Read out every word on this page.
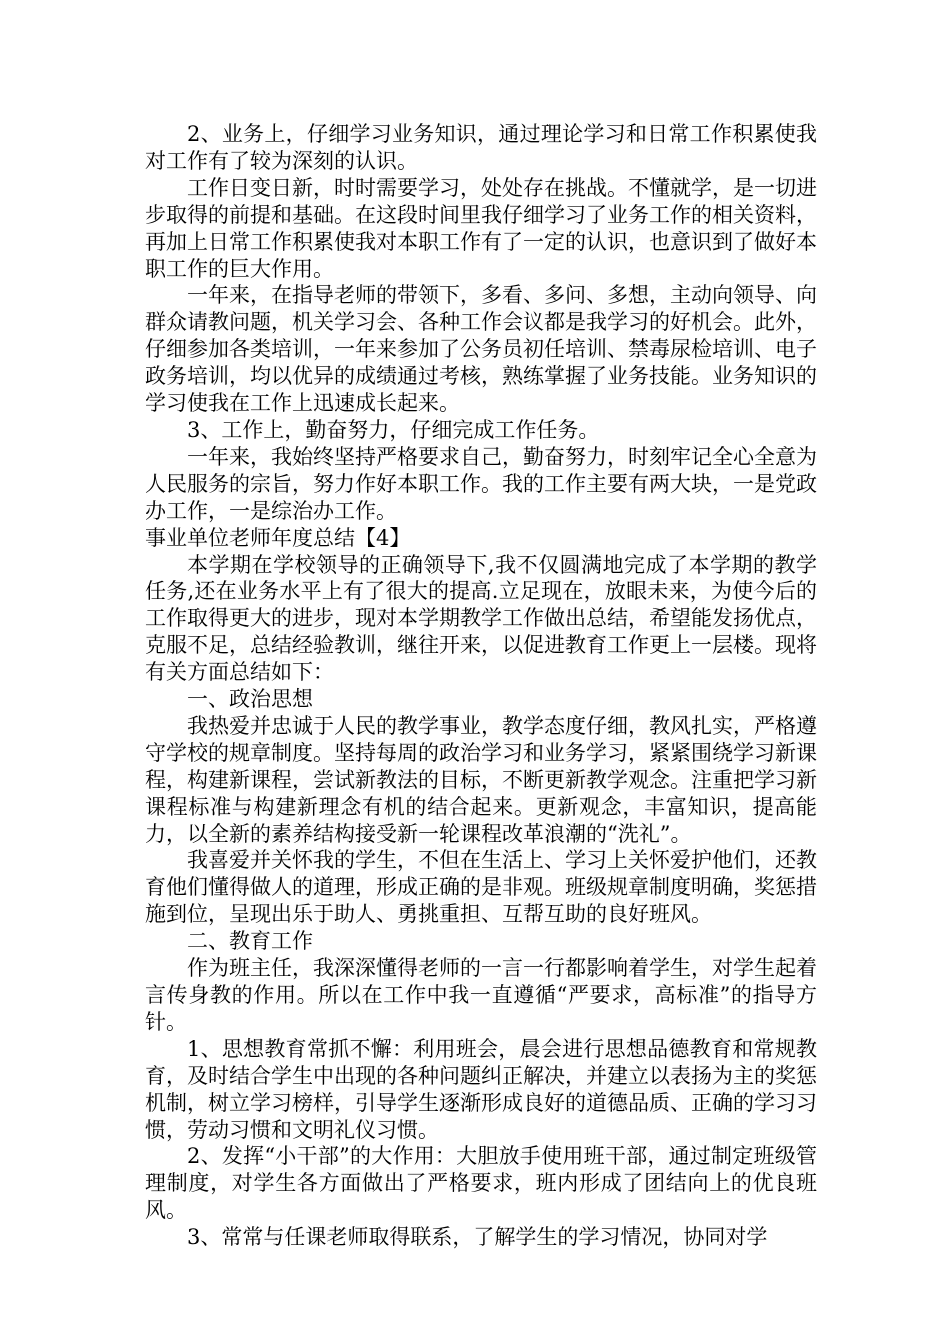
2、业务上，仔细学习业务知识，通过理论学习和日常工作积累使我对工作有了较为深刻的认识。

工作日变日新，时时需要学习，处处存在挑战。不懂就学，是一切进步取得的前提和基础。在这段时间里我仔细学习了业务工作的相关资料，再加上日常工作积累使我对本职工作有了一定的认识，也意识到了做好本职工作的巨大作用。

一年来，在指导老师的带领下，多看、多问、多想，主动向领导、向群众请教问题，机关学习会、各种工作会议都是我学习的好机会。此外，仔细参加各类培训，一年来参加了公务员初任培训、禁毒尿检培训、电子政务培训，均以优异的成绩通过考核，熟练掌握了业务技能。业务知识的学习使我在工作上迅速成长起来。

3、工作上，勤奋努力，仔细完成工作任务。

一年来，我始终坚持严格要求自己，勤奋努力，时刻牢记全心全意为人民服务的宗旨，努力作好本职工作。我的工作主要有两大块，一是党政办工作，一是综治办工作。

事业单位老师年度总结【4】

本学期在学校领导的正确领导下,我不仅圆满地完成了本学期的教学任务,还在业务水平上有了很大的提高.立足现在，放眼未来，为使今后的工作取得更大的进步，现对本学期教学工作做出总结，希望能发扬优点，克服不足，总结经验教训，继往开来，以促进教育工作更上一层楼。现将有关方面总结如下：

一、政治思想

我热爱并忠诚于人民的教学事业，教学态度仔细，教风扎实，严格遵守学校的规章制度。坚持每周的政治学习和业务学习，紧紧围绕学习新课程，构建新课程，尝试新教法的目标，不断更新教学观念。注重把学习新课程标准与构建新理念有机的结合起来。更新观念，丰富知识，提高能力，以全新的素养结构接受新一轮课程改革浪潮的“洗礼”。

我喜爱并关怀我的学生，不但在生活上、学习上关怀爱护他们，还教育他们懂得做人的道理，形成正确的是非观。班级规章制度明确，奖惩措施到位，呈现出乐于助人、勇挑重担、互帮互助的良好班风。

二、教育工作

作为班主任，我深深懂得老师的一言一行都影响着学生，对学生起着言传身教的作用。所以在工作中我一直遵循“严要求，高标准”的指导方针。

1、思想教育常抓不懈：利用班会，晨会进行思想品德教育和常规教育，及时结合学生中出现的各种问题纠正解决，并建立以表扬为主的奖惩机制，树立学习榜样，引导学生逐渐形成良好的道德品质、正确的学习习惯，劳动习惯和文明礼仪习惯。

2、发挥“小干部”的大作用：大胆放手使用班干部，通过制定班级管理制度，对学生各方面做出了严格要求，班内形成了团结向上的优良班风。

3、常常与任课老师取得联系，了解学生的学习情况，协同对学
